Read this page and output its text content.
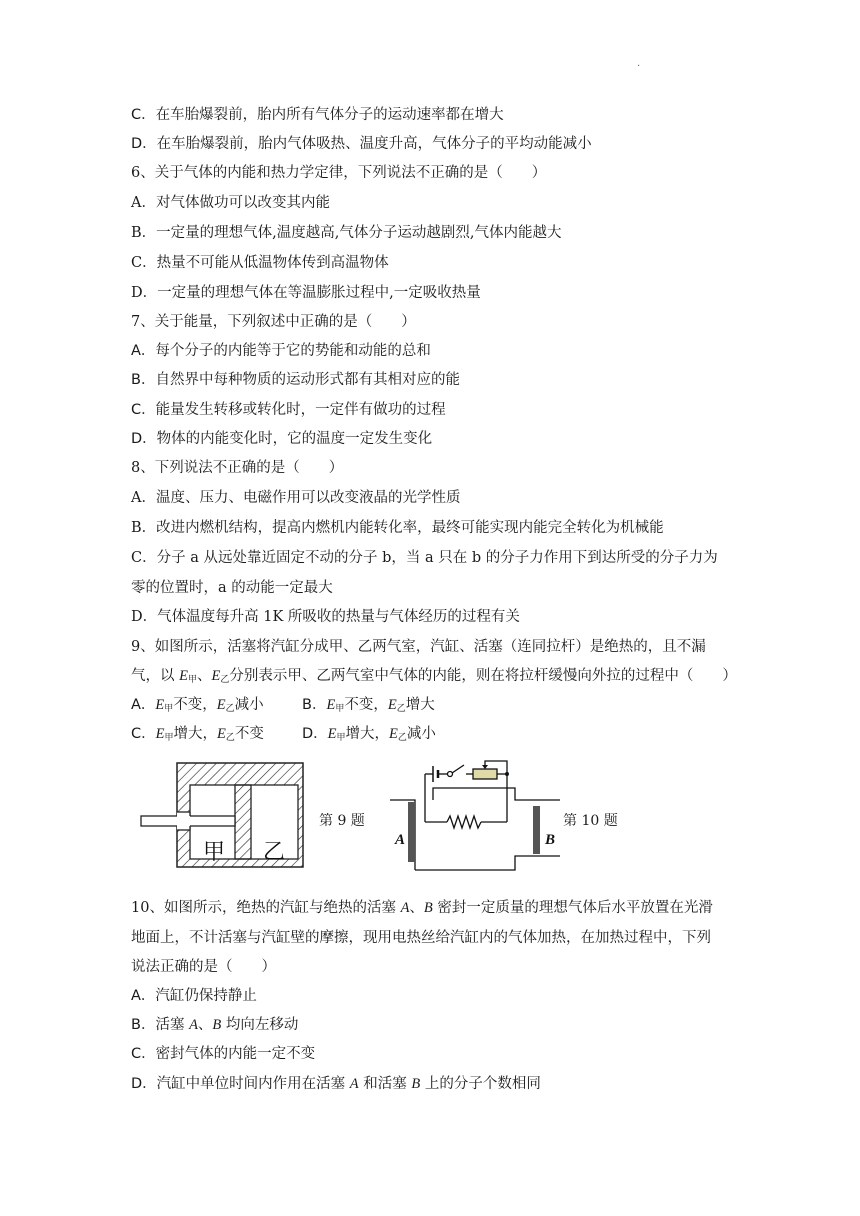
.
C．在车胎爆裂前，胎内所有气体分子的运动速率都在增大
D．在车胎爆裂前，胎内气体吸热、温度升高，气体分子的平均动能减小
6、关于气体的内能和热力学定律，下列说法不正确的是（　　）
A．对气体做功可以改变其内能
B．一定量的理想气体,温度越高,气体分子运动越剧烈,气体内能越大
C．热量不可能从低温物体传到高温物体
D．一定量的理想气体在等温膨胀过程中,一定吸收热量
7、关于能量，下列叙述中正确的是（　　）
A．每个分子的内能等于它的势能和动能的总和
B．自然界中每种物质的运动形式都有其相对应的能
C．能量发生转移或转化时，一定伴有做功的过程
D．物体的内能变化时，它的温度一定发生变化
8、下列说法不正确的是（　　）
A．温度、压力、电磁作用可以改变液晶的光学性质
B．改进内燃机结构，提高内燃机内能转化率，最终可能实现内能完全转化为机械能
C．分子 a 从远处靠近固定不动的分子 b，当 a 只在 b 的分子力作用下到达所受的分子力为
零的位置时，a 的动能一定最大
D．气体温度每升高 1K 所吸收的热量与气体经历的过程有关
9、如图所示，活塞将汽缸分成甲、乙两气室，汽缸、活塞（连同拉杆）是绝热的，且不漏
气，以 $E_甲$、$E_乙$分别表示甲、乙两气室中气体的内能，则在将拉杆缓慢向外拉的过程中（　　）
A．$E_甲$不变，$E_乙$减小	B．$E_甲$不变，$E_乙$增大
C．$E_甲$增大，$E_乙$不变	D．$E_甲$增大，$E_乙$减小
甲 乙
第 9 题
A	B
第 10 题
10、如图所示，绝热的汽缸与绝热的活塞 A、B 密封一定质量的理想气体后水平放置在光滑
地面上，不计活塞与汽缸壁的摩擦，现用电热丝给汽缸内的气体加热，在加热过程中，下列
说法正确的是（　　）
A．汽缸仍保持静止
B．活塞 A、B 均向左移动
C．密封气体的内能一定不变
D．汽缸中单位时间内作用在活塞 A 和活塞 B 上的分子个数相同
